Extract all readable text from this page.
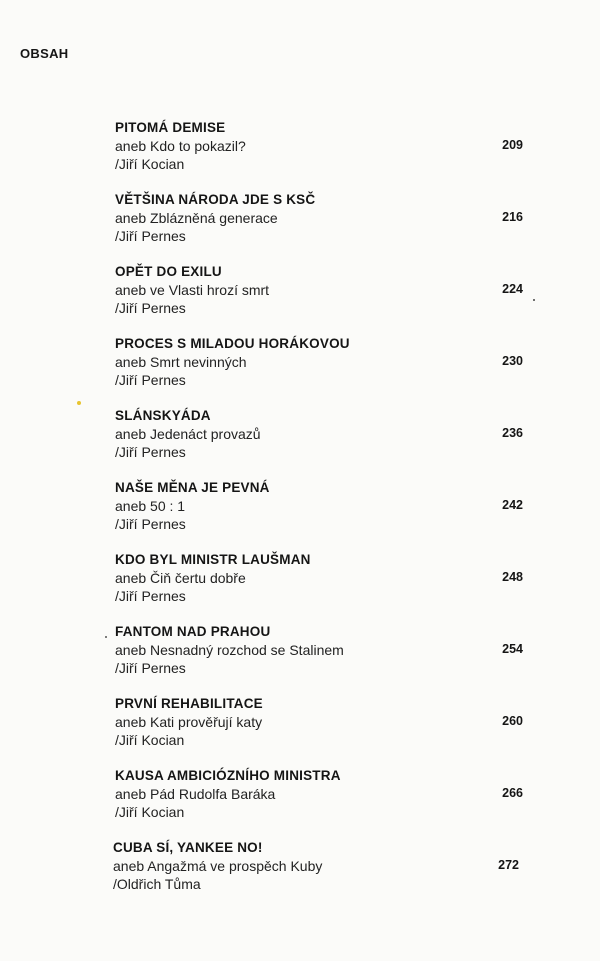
OBSAH
PITOMÁ DEMISE
aneb Kdo to pokazil?
/Jiří Kocian
209
VĚTŠINA NÁRODA JDE S KSČ
aneb Zblázněná generace
/Jiří Pernes
216
OPĚT DO EXILU
aneb ve Vlasti hrozí smrt
/Jiří Pernes
224
PROCES S MILADOU HORÁKOVOU
aneb Smrt nevinných
/Jiří Pernes
230
SLÁNSKYÁDA
aneb Jedenáct provazů
/Jiří Pernes
236
NAŠE MĚNA JE PEVNÁ
aneb 50 : 1
/Jiří Pernes
242
KDO BYL MINISTR LAUŠMAN
aneb Čiň čertu dobře
/Jiří Pernes
248
FANTOM NAD PRAHOU
aneb Nesnadný rozchod se Stalinem
/Jiří Pernes
254
PRVNÍ REHABILITACE
aneb Kati prověřují katy
/Jiří Kocian
260
KAUSA AMBICIÓZNÍHO MINISTRA
aneb Pád Rudolfa Baráka
/Jiří Kocian
266
CUBA SÍ, YANKEE NO!
aneb Angažmá ve prospěch Kuby
/Oldřich Tůma
272
